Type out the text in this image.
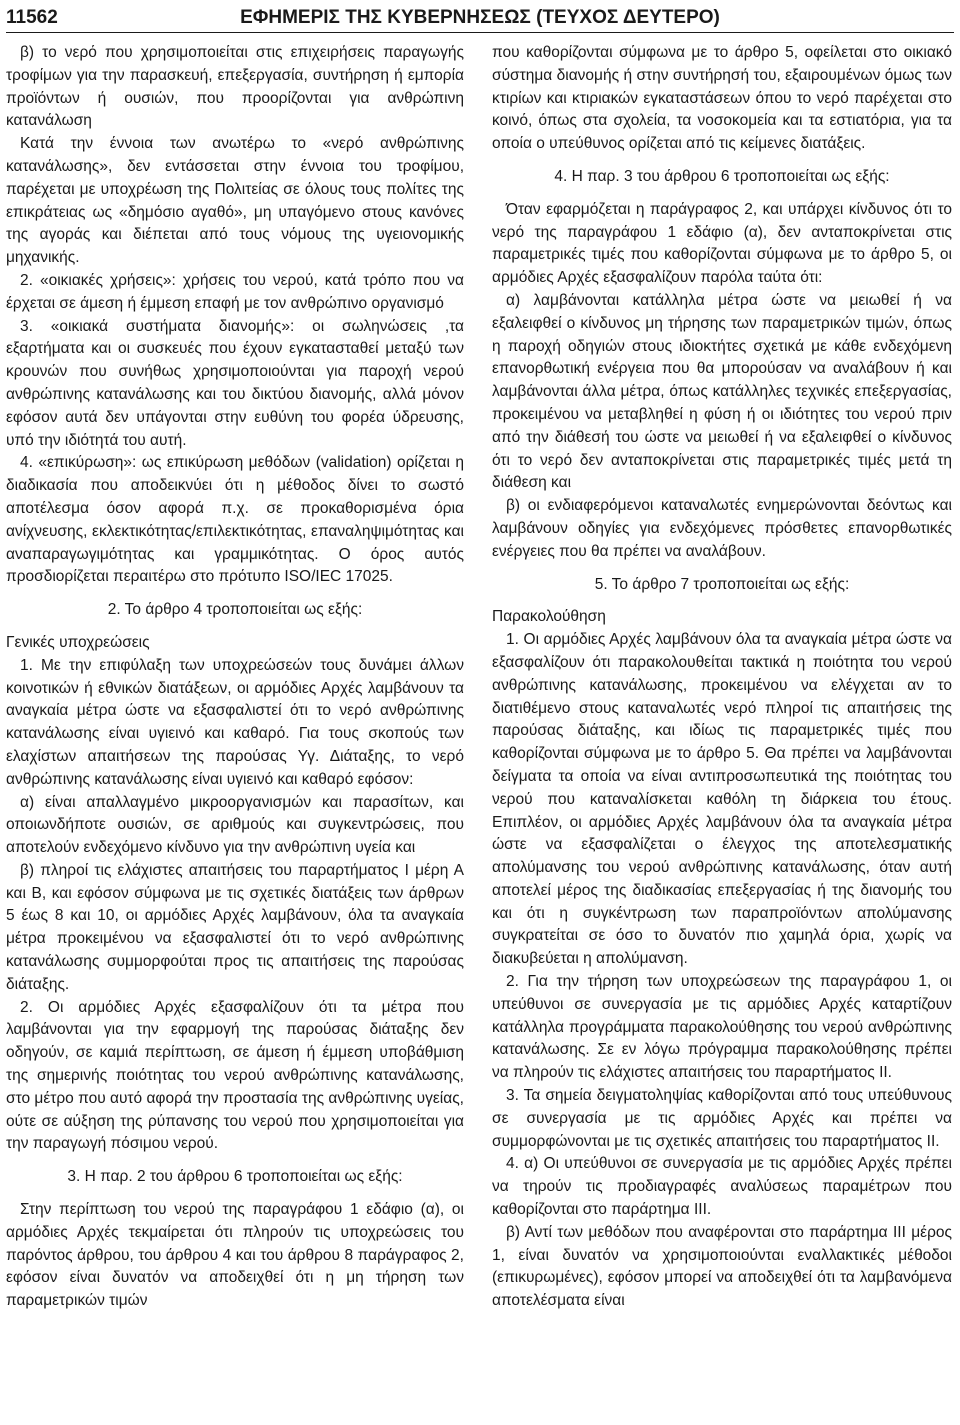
11562	ΕΦΗΜΕΡΙΣ ΤΗΣ ΚΥΒΕΡΝΗΣΕΩΣ (ΤΕΥΧΟΣ ΔΕΥΤΕΡΟ)

β) το νερό που χρησιμοποιείται στις επιχειρήσεις παραγωγής τροφίμων για την παρασκευή, επεξεργασία, συντήρηση ή εμπορία προϊόντων ή ουσιών, που προορίζονται για ανθρώπινη κατανάλωση

Κατά την έννοια των ανωτέρω το «νερό ανθρώπινης κατανάλωσης», δεν εντάσσεται στην έννοια του τροφίμου, παρέχεται με υποχρέωση της Πολιτείας σε όλους τους πολίτες της επικράτειας ως «δημόσιο αγαθό», μη υπαγόμενο στους κανόνες της αγοράς και διέπεται από τους νόμους της υγειονομικής μηχανικής.

2. «οικιακές χρήσεις»: χρήσεις του νερού, κατά τρόπο που να έρχεται σε άμεση ή έμμεση επαφή με τον ανθρώπινο οργανισμό

3. «οικιακά συστήματα διανομής»: οι σωληνώσεις ,τα εξαρτήματα και οι συσκευές που έχουν εγκατασταθεί μεταξύ των κρουνών που συνήθως χρησιμοποιούνται για παροχή νερού ανθρώπινης κατανάλωσης και του δικτύου διανομής, αλλά μόνον εφόσον αυτά δεν υπάγονται στην ευθύνη του φορέα ύδρευσης, υπό την ιδιότητά του αυτή.

4. «επικύρωση»: ως επικύρωση μεθόδων (validation) ορίζεται η διαδικασία που αποδεικνύει ότι η μέθοδος δίνει το σωστό αποτέλεσμα όσον αφορά π.χ. σε προκαθορισμένα όρια ανίχνευσης, εκλεκτικότητας/επιλεκτικότητας, επαναληψιμότητας και αναπαραγωγιμότητας και γραμμικότητας. Ο όρος αυτός προσδιορίζεται περαιτέρω στο πρότυπο ISO/IEC 17025.

2. Το άρθρο 4 τροποποιείται ως εξής:

Γενικές υποχρεώσεις

1. Με την επιφύλαξη των υποχρεώσεών τους δυνάμει άλλων κοινοτικών ή εθνικών διατάξεων, οι αρμόδιες Αρχές λαμβάνουν τα αναγκαία μέτρα ώστε να εξασφαλιστεί ότι το νερό ανθρώπινης κατανάλωσης είναι υγιεινό και καθαρό. Για τους σκοπούς των ελαχίστων απαιτήσεων της παρούσας Υγ. Διάταξης, το νερό ανθρώπινης κατανάλωσης είναι υγιεινό και καθαρό εφόσον:

α) είναι απαλλαγμένο μικροοργανισμών και παρασίτων, και οποιωνδήποτε ουσιών, σε αριθμούς και συγκεντρώσεις, που αποτελούν ενδεχόμενο κίνδυνο για την ανθρώπινη υγεία και

β) πληροί τις ελάχιστες απαιτήσεις του παραρτήματος Ι μέρη Α και Β, και εφόσον σύμφωνα με τις σχετικές διατάξεις των άρθρων 5 έως 8 και 10, οι αρμόδιες Αρχές λαμβάνουν, όλα τα αναγκαία μέτρα προκειμένου να εξασφαλιστεί ότι το νερό ανθρώπινης κατανάλωσης συμμορφούται προς τις απαιτήσεις της παρούσας διάταξης.

2. Οι αρμόδιες Αρχές εξασφαλίζουν ότι τα μέτρα που λαμβάνονται για την εφαρμογή της παρούσας διάταξης δεν οδηγούν, σε καμιά περίπτωση, σε άμεση ή έμμεση υποβάθμιση της σημερινής ποιότητας του νερού ανθρώπινης κατανάλωσης, στο μέτρο που αυτό αφορά την προστασία της ανθρώπινης υγείας, ούτε σε αύξηση της ρύπανσης του νερού που χρησιμοποιείται για την παραγωγή πόσιμου νερού.

3. Η παρ. 2 του άρθρου 6 τροποποιείται ως εξής:

Στην περίπτωση του νερού της παραγράφου 1 εδάφιο (α), οι αρμόδιες Αρχές τεκμαίρεται ότι πληρούν τις υποχρεώσεις του παρόντος άρθρου, του άρθρου 4 και του άρθρου 8 παράγραφος 2, εφόσον είναι δυνατόν να αποδειχθεί ότι η μη τήρηση των παραμετρικών τιμών

που καθορίζονται σύμφωνα με το άρθρο 5, οφείλεται στο οικιακό σύστημα διανομής ή στην συντήρησή του, εξαιρουμένων όμως των κτιρίων και κτιριακών εγκαταστάσεων όπου το νερό παρέχεται στο κοινό, όπως στα σχολεία, τα νοσοκομεία και τα εστιατόρια, για τα οποία ο υπεύθυνος ορίζεται από τις κείμενες διατάξεις.

4. Η παρ. 3 του άρθρου 6 τροποποιείται ως εξής:

Όταν εφαρμόζεται η παράγραφος 2, και υπάρχει κίνδυνος ότι το νερό της παραγράφου 1 εδάφιο (α), δεν ανταποκρίνεται στις παραμετρικές τιμές που καθορίζονται σύμφωνα με το άρθρο 5, οι αρμόδιες Αρχές εξασφαλίζουν παρόλα ταύτα ότι:

α) λαμβάνονται κατάλληλα μέτρα ώστε να μειωθεί ή να εξαλειφθεί ο κίνδυνος μη τήρησης των παραμετρικών τιμών, όπως η παροχή οδηγιών στους ιδιοκτήτες σχετικά με κάθε ενδεχόμενη επανορθωτική ενέργεια που θα μπορούσαν να αναλάβουν ή και λαμβάνονται άλλα μέτρα, όπως κατάλληλες τεχνικές επεξεργασίας, προκειμένου να μεταβληθεί η φύση ή οι ιδιότητες του νερού πριν από την διάθεσή του ώστε να μειωθεί ή να εξαλειφθεί ο κίνδυνος ότι το νερό δεν ανταποκρίνεται στις παραμετρικές τιμές μετά τη διάθεση και

β) οι ενδιαφερόμενοι καταναλωτές ενημερώνονται δεόντως και λαμβάνουν οδηγίες για ενδεχόμενες πρόσθετες επανορθωτικές ενέργειες που θα πρέπει να αναλάβουν.

5. Το άρθρο 7 τροποποιείται ως εξής:

Παρακολούθηση

1. Οι αρμόδιες Αρχές λαμβάνουν όλα τα αναγκαία μέτρα ώστε να εξασφαλίζουν ότι παρακολουθείται τακτικά η ποιότητα του νερού ανθρώπινης κατανάλωσης, προκειμένου να ελέγχεται αν το διατιθέμενο στους καταναλωτές νερό πληροί τις απαιτήσεις της παρούσας διάταξης, και ιδίως τις παραμετρικές τιμές που καθορίζονται σύμφωνα με το άρθρο 5. Θα πρέπει να λαμβάνονται δείγματα τα οποία να είναι αντιπροσωπευτικά της ποιότητας του νερού που καταναλίσκεται καθόλη τη διάρκεια του έτους. Επιπλέον, οι αρμόδιες Αρχές λαμβάνουν όλα τα αναγκαία μέτρα ώστε να εξασφαλίζεται ο έλεγχος της αποτελεσματικής απολύμανσης του νερού ανθρώπινης κατανάλωσης, όταν αυτή αποτελεί μέρος της διαδικασίας επεξεργασίας ή της διανομής του και ότι η συγκέντρωση των παραπροϊόντων απολύμανσης συγκρατείται σε όσο το δυνατόν πιο χαμηλά όρια, χωρίς να διακυβεύεται η απολύμανση.

2. Για την τήρηση των υποχρεώσεων της παραγράφου 1, οι υπεύθυνοι σε συνεργασία με τις αρμόδιες Αρχές καταρτίζουν κατάλληλα προγράμματα παρακολούθησης του νερού ανθρώπινης κατανάλωσης. Σε εν λόγω πρόγραμμα παρακολούθησης πρέπει να πληρούν τις ελάχιστες απαιτήσεις του παραρτήματος ΙΙ.

3. Τα σημεία δειγματοληψίας καθορίζονται από τους υπεύθυνους σε συνεργασία με τις αρμόδιες Αρχές και πρέπει να συμμορφώνονται με τις σχετικές απαιτήσεις του παραρτήματος ΙΙ.

4. α) Οι υπεύθυνοι σε συνεργασία με τις αρμόδιες Αρχές πρέπει να τηρούν τις προδιαγραφές αναλύσεως παραμέτρων που καθορίζονται στο παράρτημα ΙΙΙ.

β) Αντί των μεθόδων που αναφέρονται στο παράρτημα ΙΙΙ μέρος 1, είναι δυνατόν να χρησιμοποιούνται εναλλακτικές μέθοδοι (επικυρωμένες), εφόσον μπορεί να αποδειχθεί ότι τα λαμβανόμενα αποτελέσματα είναι
